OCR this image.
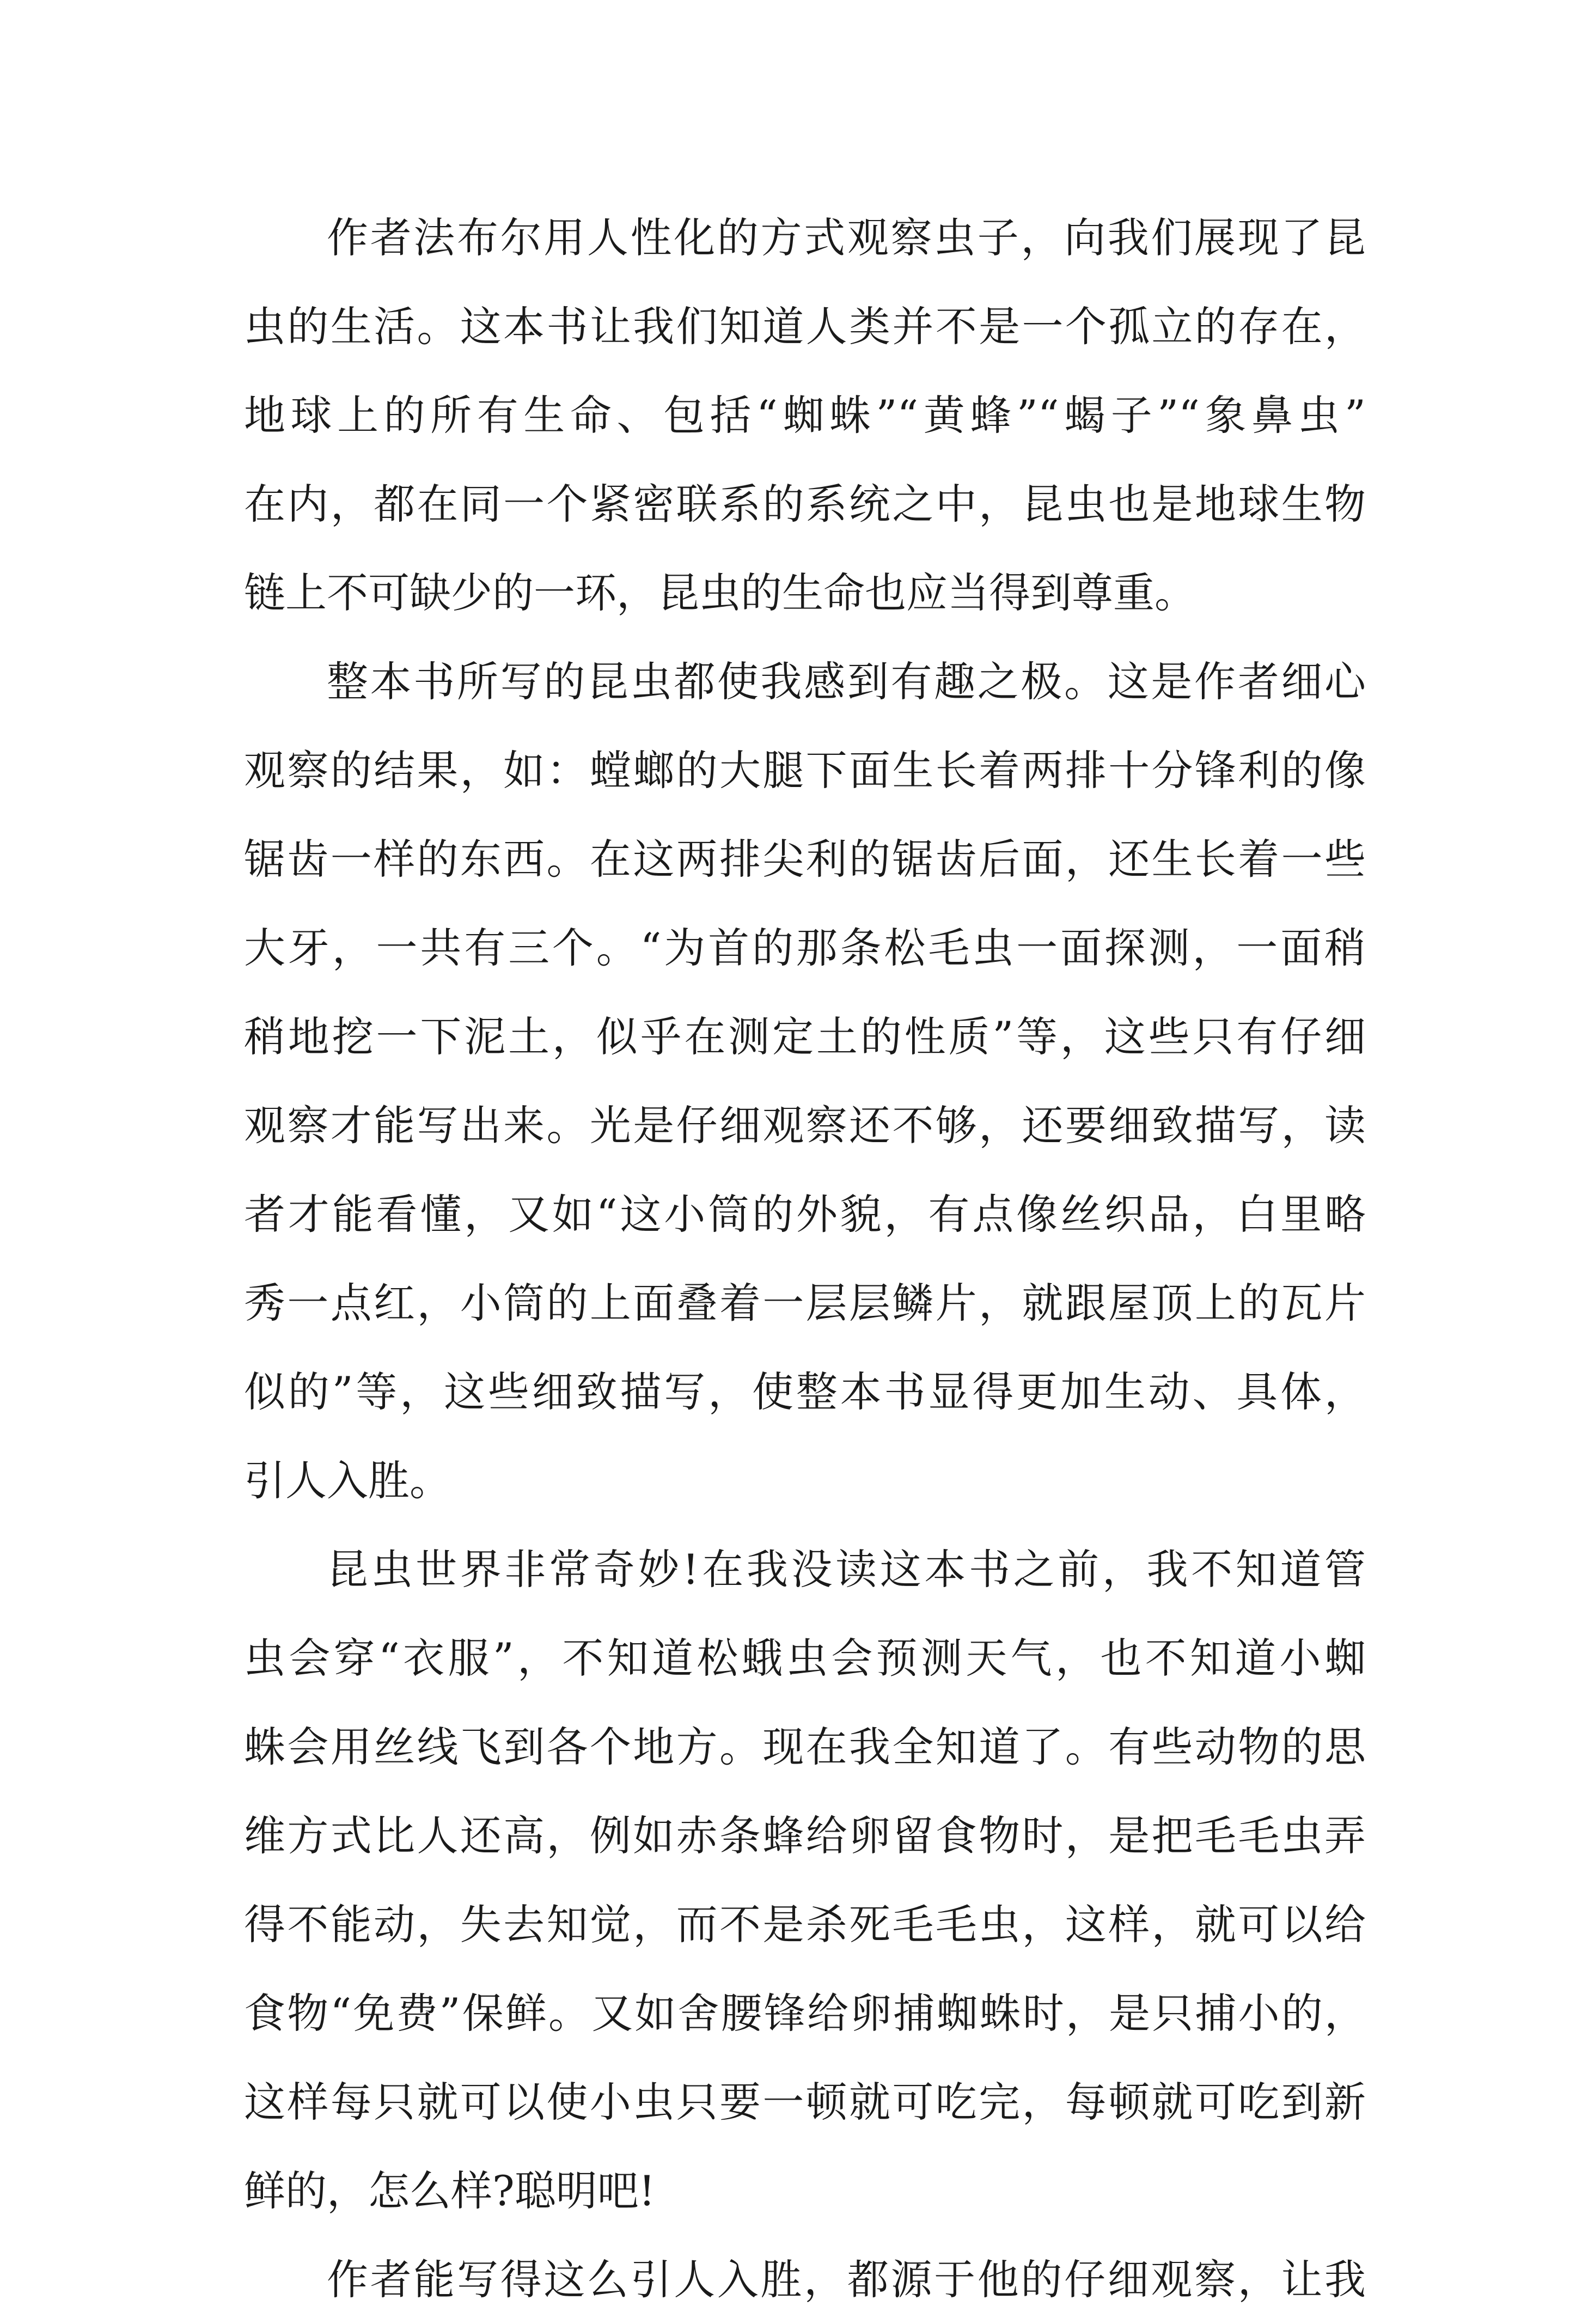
作者法布尔用人性化的方式观察虫子，向我们展现了昆
虫的生活。这本书让我们知道人类并不是一个孤立的存在，
地球上的所有生命、包括“蜘蛛”“黄蜂”“蝎子”“象鼻虫”
在内，都在同一个紧密联系的系统之中，昆虫也是地球生物
链上不可缺少的一环，昆虫的生命也应当得到尊重。
整本书所写的昆虫都使我感到有趣之极。这是作者细心
观察的结果，如：螳螂的大腿下面生长着两排十分锋利的像
锯齿一样的东西。在这两排尖利的锯齿后面，还生长着一些
大牙，一共有三个。“为首的那条松毛虫一面探测，一面稍
稍地挖一下泥土，似乎在测定土的性质”等，这些只有仔细
观察才能写出来。光是仔细观察还不够，还要细致描写，读
者才能看懂，又如“这小筒的外貌，有点像丝织品，白里略
秀一点红，小筒的上面叠着一层层鳞片，就跟屋顶上的瓦片
似的”等，这些细致描写，使整本书显得更加生动、具体，
引人入胜。
昆虫世界非常奇妙!在我没读这本书之前，我不知道管
虫会穿“衣服”，不知道松蛾虫会预测天气，也不知道小蜘
蛛会用丝线飞到各个地方。现在我全知道了。有些动物的思
维方式比人还高，例如赤条蜂给卵留食物时，是把毛毛虫弄
得不能动，失去知觉，而不是杀死毛毛虫，这样，就可以给
食物“免费”保鲜。又如舍腰锋给卵捕蜘蛛时，是只捕小的，
这样每只就可以使小虫只要一顿就可吃完，每顿就可吃到新
鲜的，怎么样?聪明吧!
作者能写得这么引人入胜，都源于他的仔细观察，让我
